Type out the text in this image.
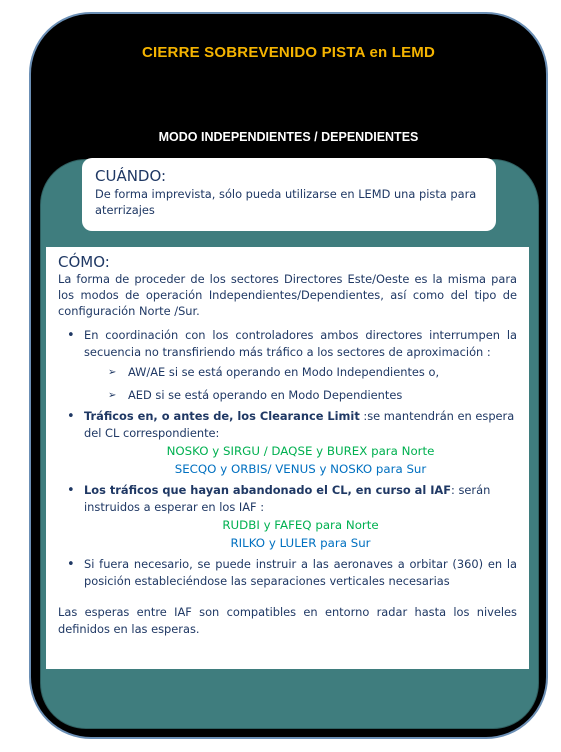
CIERRE SOBREVENIDO PISTA en LEMD
MODO INDEPENDIENTES / DEPENDIENTES
CUÁNDO:

De forma imprevista, sólo pueda utilizarse en LEMD una pista para aterrizajes

CÓMO:

La forma de proceder de los sectores Directores Este/Oeste es la misma para los modos de operación Independientes/Dependientes, así como del tipo de configuración Norte /Sur.

• En coordinación con los controladores ambos directores interrumpen la secuencia no transfiriendo más tráfico a los sectores de aproximación :
➢ AW/AE si se está operando en Modo Independientes o,
➢ AED si se está operando en Modo Dependientes
• Tráficos en, o antes de, los Clearance Limit :se mantendrán en espera del CL correspondiente:

NOSKO y SIRGU / DAQSE y BUREX para Norte

SECQO y ORBIS/ VENUS y NOSKO para Sur

• Los tráficos que hayan abandonado el CL, en curso al IAF: serán instruidos a esperar en los IAF :

RUDBI y FAFEQ para Norte

RILKO y LULER para Sur

• Si fuera necesario, se puede instruir a las aeronaves a orbitar (360) en la posición estableciéndose las separaciones verticales necesarias

Las esperas entre IAF son compatibles en entorno radar hasta los niveles definidos en las esperas.
